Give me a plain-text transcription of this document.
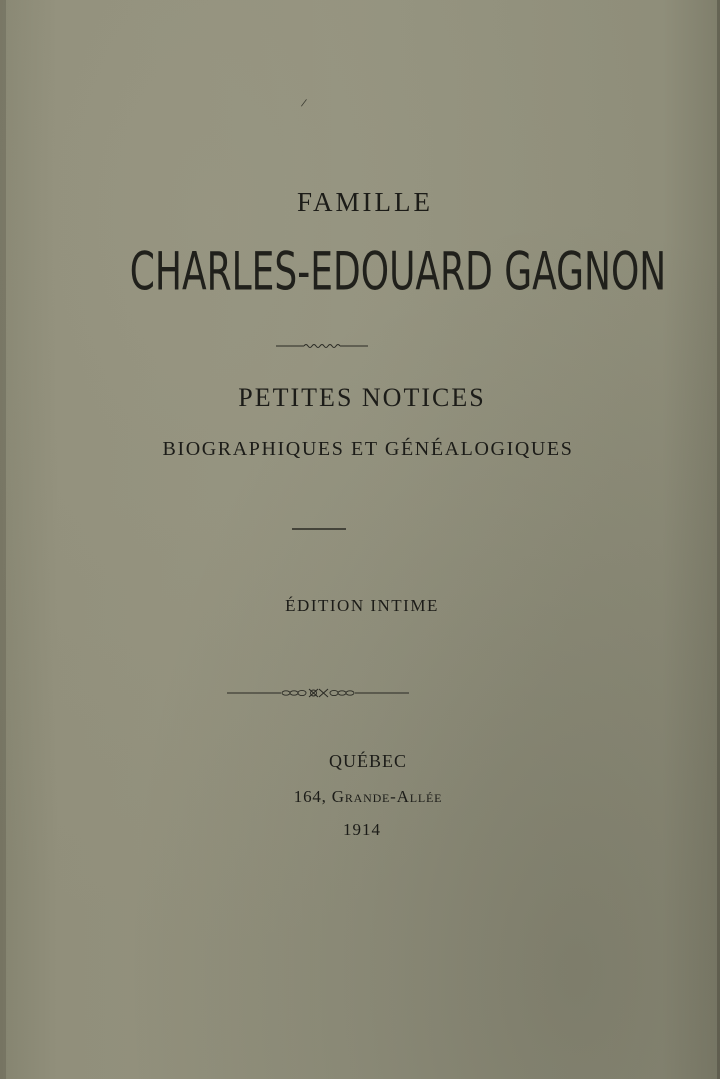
/
FAMILLE
CHARLES-EDOUARD GAGNON
PETITES NOTICES
BIOGRAPHIQUES ET GÉNÉALOGIQUES
ÉDITION INTIME
QUÉBEC
164, Grande-Allée
1914
